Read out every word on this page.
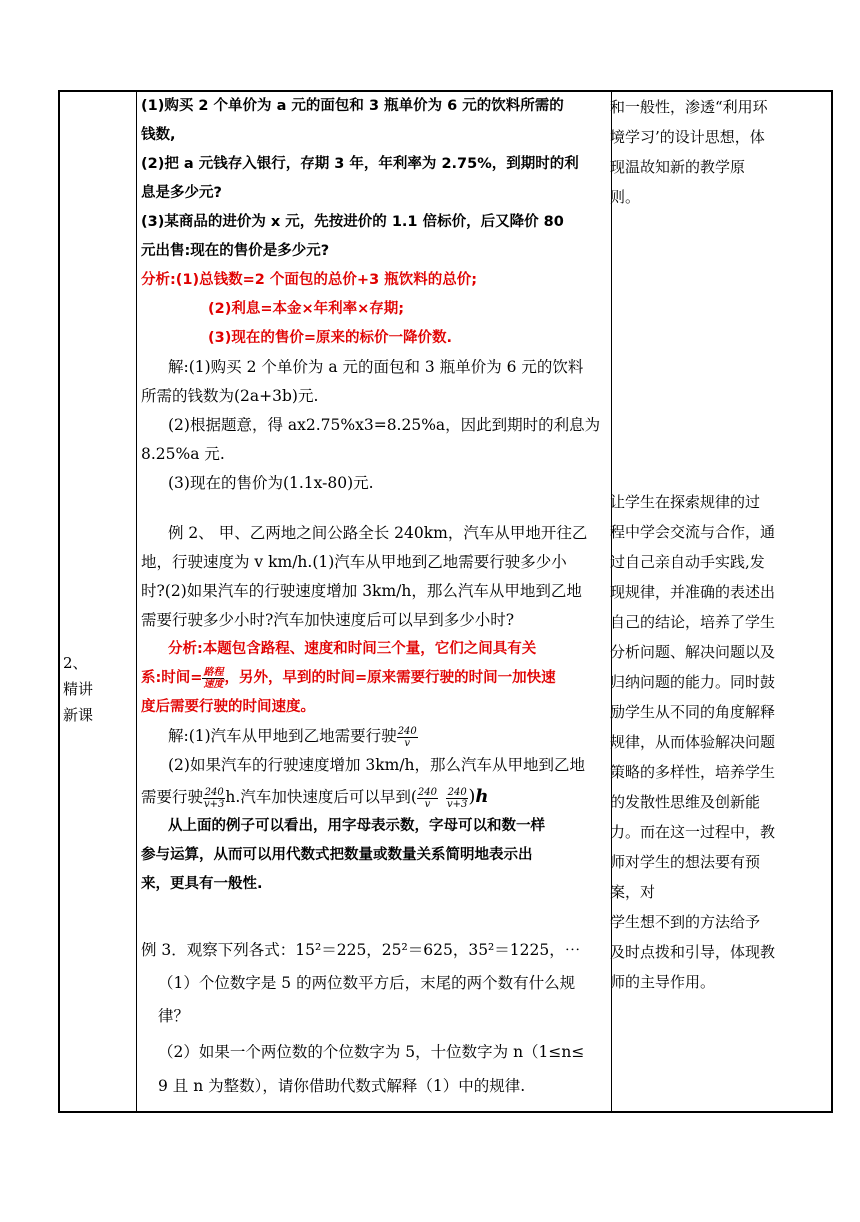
2、
精讲
新课
(1)购买 2 个单价为 a 元的面包和 3 瓶单价为 6 元的饮料所需的
钱数,
(2)把 a 元钱存入银行，存期 3 年，年利率为 2.75%，到期时的利
息是多少元?
(3)某商品的进价为 x 元，先按进价的 1.1 倍标价，后又降价 80
元出售:现在的售价是多少元?
分析:(1)总钱数=2 个面包的总价+3 瓶饮料的总价;
(2)利息=本金×年利率×存期;
(3)现在的售价=原来的标价一降价数.
解:(1)购买 2 个单价为 a 元的面包和 3 瓶单价为 6 元的饮料
所需的钱数为(2a+3b)元.
(2)根据题意，得 ax2.75%x3=8.25%a，因此到期时的利息为
8.25%a 元.
(3)现在的售价为(1.1x-80)元.
例 2、 甲、乙两地之间公路全长 240km，汽车从甲地开往乙
地，行驶速度为 v km/h.(1)汽车从甲地到乙地需要行驶多少小
时?(2)如果汽车的行驶速度增加 3km/h，那么汽车从甲地到乙地
需要行驶多少小时?汽车加快速度后可以早到多少小时?
分析:本题包含路程、速度和时间三个量，它们之间具有关
系:时间= $\frac{\text{路程}}{\text{速度}}$ ，另外，早到的时间=原来需要行驶的时间一加快速
度后需要行驶的时间速度。
解:(1)汽车从甲地到乙地需要行驶 $\frac{240}{v}$
(2)如果汽车的行驶速度增加 3km/h，那么汽车从甲地到乙地
需要行驶 $\frac{240}{v+3} h$.汽车加快速度后可以早到( $\frac{240}{v} \frac{240}{v+3} )h$
从上面的例子可以看出，用字母表示数，字母可以和数一样
参与运算，从而可以用代数式把数量或数量关系简明地表示出
来，更具有一般性.
例 3．观察下列各式：15²＝225，25²＝625，35²＝1225，⋯
（1）个位数字是 5 的两位数平方后，末尾的两个数有什么规
律？
（2）如果一个两位数的个位数字为 5，十位数字为 n（1≤n≤
9 且 n 为整数），请你借助代数式解释（1）中的规律.
和一般性，渗透“利用环
境学习’的设计思想，体
现温故知新的教学原
则。
让学生在探索规律的过
程中学会交流与合作，通
过自己亲自动手实践,发
现规律，并准确的表述出
自己的结论，培养了学生
分析问题、解决问题以及
归纳问题的能力。同时鼓
励学生从不同的角度解释
规律，从而体验解决问题
策略的多样性，培养学生
的发散性思维及创新能
力。而在这一过程中，教
师对学生的想法要有预
案，对
学生想不到的方法给予
及时点拨和引导，体现教
师的主导作用。
